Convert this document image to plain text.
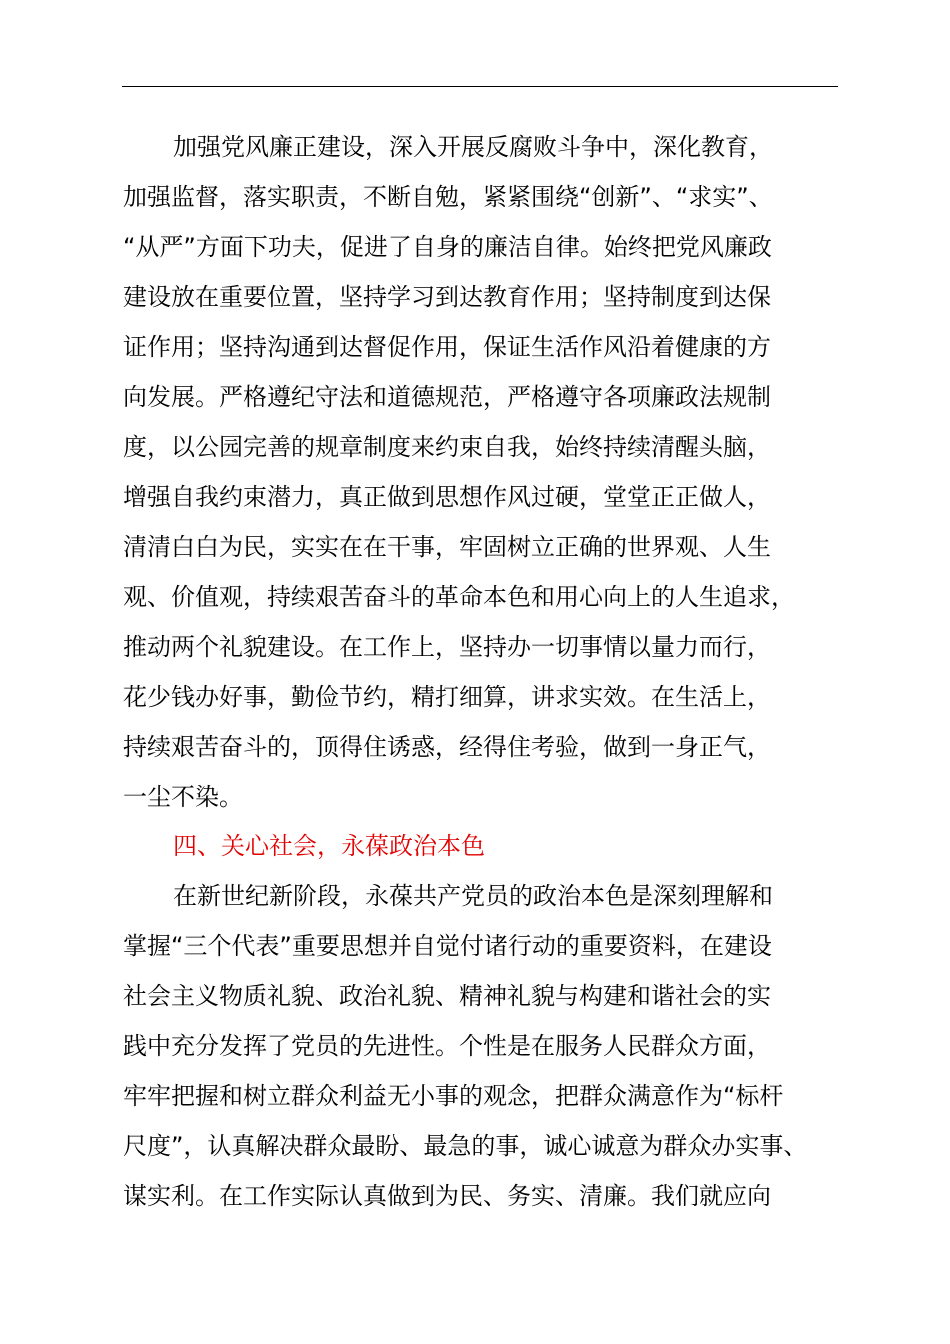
加强党风廉正建设，深入开展反腐败斗争中，深化教育，
加强监督，落实职责，不断自勉，紧紧围绕“创新”、“求实”、
“从严”方面下功夫，促进了自身的廉洁自律。始终把党风廉政
建设放在重要位置，坚持学习到达教育作用；坚持制度到达保
证作用；坚持沟通到达督促作用，保证生活作风沿着健康的方
向发展。严格遵纪守法和道德规范，严格遵守各项廉政法规制
度，以公园完善的规章制度来约束自我，始终持续清醒头脑，
增强自我约束潜力，真正做到思想作风过硬，堂堂正正做人，
清清白白为民，实实在在干事，牢固树立正确的世界观、人生
观、价值观，持续艰苦奋斗的革命本色和用心向上的人生追求，
推动两个礼貌建设。在工作上，坚持办一切事情以量力而行，
花少钱办好事，勤俭节约，精打细算，讲求实效。在生活上，
持续艰苦奋斗的，顶得住诱惑，经得住考验，做到一身正气，
一尘不染。
四、关心社会，永葆政治本色
在新世纪新阶段，永葆共产党员的政治本色是深刻理解和
掌握“三个代表”重要思想并自觉付诸行动的重要资料，在建设
社会主义物质礼貌、政治礼貌、精神礼貌与构建和谐社会的实
践中充分发挥了党员的先进性。个性是在服务人民群众方面，
牢牢把握和树立群众利益无小事的观念，把群众满意作为“标杆
尺度”，认真解决群众最盼、最急的事，诚心诚意为群众办实事、
谋实利。在工作实际认真做到为民、务实、清廉。我们就应向
